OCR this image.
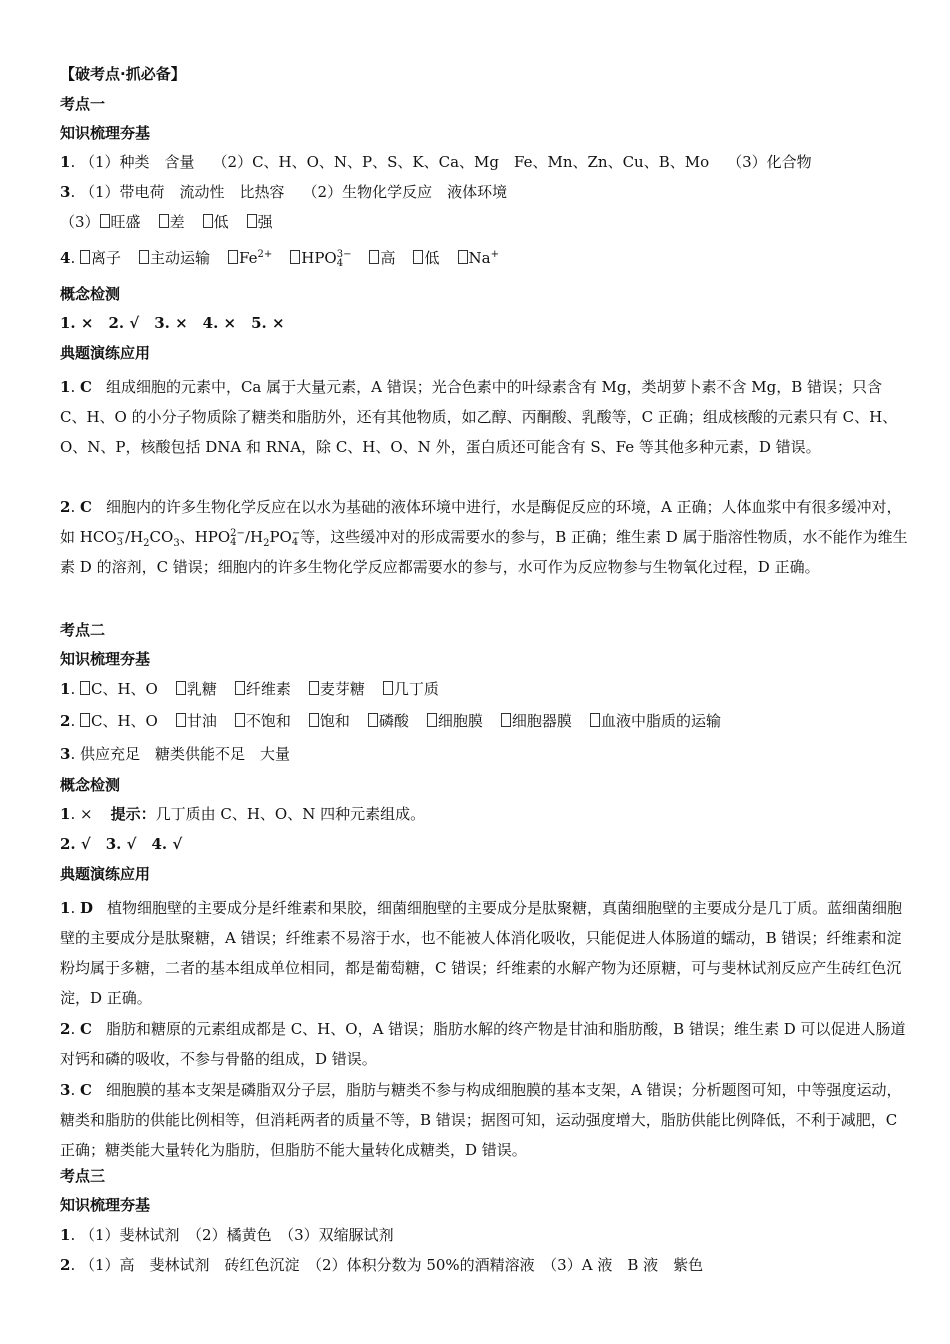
【破考点·抓必备】
考点一
知识梳理夯基
1. （1）种类　含量 （2）C、H、O、N、P、S、K、Ca、Mg　Fe、Mn、Zn、Cu、B、Mo （3）化合物
3. （1）带电荷　流动性　比热容 （2）生物化学反应　液体环境
（3） 旺盛 差 低 强
4. 离子 主动运输 $Fe^{2+}$ HPO 3−
4	高 低 Na+
概念检测
1. ×　2. √　3. ×　4. ×　5. ×
典题演练应用
1. C 组成细胞的元素中，Ca 属于大量元素，A 错误；光合色素中的叶绿素含有 Mg，类胡萝卜素不含 Mg，B 错误；只含 C、H、O 的小分子物质除了糖类和脂肪外，还有其他物质，如乙醇、丙酮酸、乳酸等，C 正确；组成核酸的元素只有 C、H、O、N、P，核酸包括 DNA 和 RNA，除 C、H、O、N 外，蛋白质还可能含有 S、Fe 等其他多种元素，D 错误。
2. C 细胞内的许多生物化学反应在以水为基础的液体环境中进行，水是酶促反应的环境，A 正确；人体血浆中有很多缓冲对，如 HCO −
3 $/H_2CO_3$、HPO 2−
4 $/H_2PO$ −
4 等，这些缓冲对的形成需要水的参与，B 正确；维生素 D 属于脂溶性物质，水不能作为维生素 D 的溶剂，C 错误；细胞内的许多生物化学反应都需要水的参与，水可作为反应物参与生物氧化过程，D 正确。
考点二
知识梳理夯基
1. C、H、O 乳糖 纤维素 麦芽糖 几丁质
2. C、H、O 甘油 不饱和 饱和 磷酸 细胞膜 细胞器膜 血液中脂质的运输
3. 供应充足　糖类供能不足　大量
概念检测
1. × 提示：几丁质由 C、H、O、N 四种元素组成。
2. √　3. √　4. √
典题演练应用
1. D 植物细胞壁的主要成分是纤维素和果胶，细菌细胞壁的主要成分是肽聚糖，真菌细胞壁的主要成分是几丁质。蓝细菌细胞壁的主要成分是肽聚糖，A 错误；纤维素不易溶于水，也不能被人体消化吸收，只能促进人体肠道的蠕动，B 错误；纤维素和淀粉均属于多糖，二者的基本组成单位相同，都是葡萄糖，C 错误；纤维素的水解产物为还原糖，可与斐林试剂反应产生砖红色沉淀，D 正确。
2. C 脂肪和糖原的元素组成都是 C、H、O，A 错误；脂肪水解的终产物是甘油和脂肪酸，B 错误；维生素 D 可以促进人肠道对钙和磷的吸收，不参与骨骼的组成，D 错误。
3. C 细胞膜的基本支架是磷脂双分子层，脂肪与糖类不参与构成细胞膜的基本支架，A 错误；分析题图可知，中等强度运动，糖类和脂肪的供能比例相等，但消耗两者的质量不等，B 错误；据图可知，运动强度增大，脂肪供能比例降低，不利于减肥，C 正确；糖类能大量转化为脂肪，但脂肪不能大量转化成糖类，D 错误。
考点三
知识梳理夯基
1. （1）斐林试剂　（2）橘黄色　（3）双缩脲试剂
2. （1）高　斐林试剂　砖红色沉淀　（2）体积分数为 50%的酒精溶液　（3）A 液　B 液　紫色
